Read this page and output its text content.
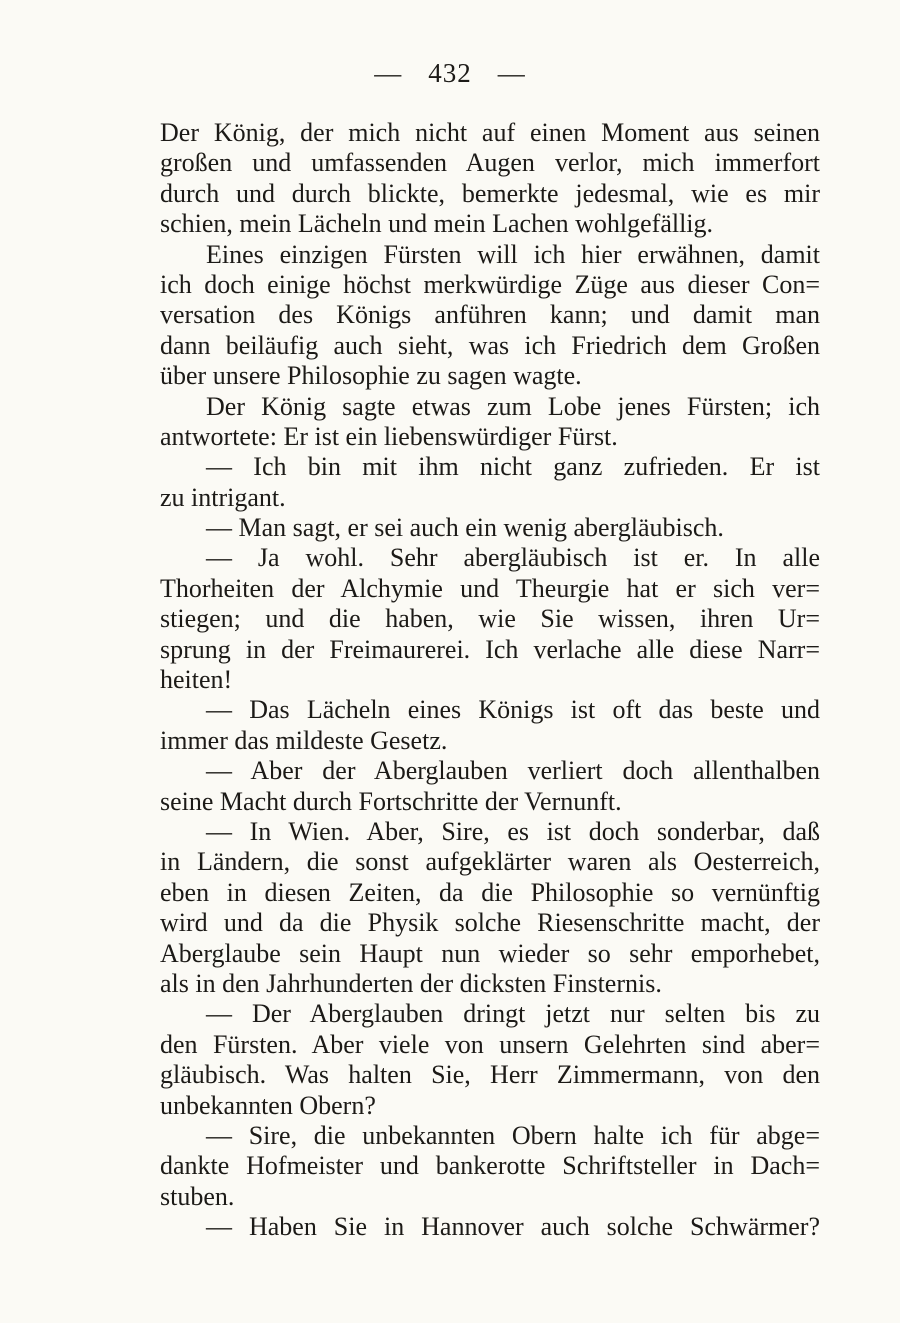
— 432 —
Der König, der mich nicht auf einen Moment aus seinen
großen und umfassenden Augen verlor, mich immerfort
durch und durch blickte, bemerkte jedesmal, wie es mir
schien, mein Lächeln und mein Lachen wohlgefällig.
Eines einzigen Fürsten will ich hier erwähnen, damit
ich doch einige höchst merkwürdige Züge aus dieser Con=
versation des Königs anführen kann; und damit man
dann beiläufig auch sieht, was ich Friedrich dem Großen
über unsere Philosophie zu sagen wagte.
Der König sagte etwas zum Lobe jenes Fürsten; ich
antwortete: Er ist ein liebenswürdiger Fürst.
— Ich bin mit ihm nicht ganz zufrieden. Er ist
zu intrigant.
— Man sagt, er sei auch ein wenig abergläubisch.
— Ja wohl. Sehr abergläubisch ist er. In alle
Thorheiten der Alchymie und Theurgie hat er sich ver=
stiegen; und die haben, wie Sie wissen, ihren Ur=
sprung in der Freimaurerei. Ich verlache alle diese Narr=
heiten!
— Das Lächeln eines Königs ist oft das beste und
immer das mildeste Gesetz.
— Aber der Aberglauben verliert doch allenthalben
seine Macht durch Fortschritte der Vernunft.
— In Wien. Aber, Sire, es ist doch sonderbar, daß
in Ländern, die sonst aufgeklärter waren als Oesterreich,
eben in diesen Zeiten, da die Philosophie so vernünftig
wird und da die Physik solche Riesenschritte macht, der
Aberglaube sein Haupt nun wieder so sehr emporhebet,
als in den Jahrhunderten der dicksten Finsternis.
— Der Aberglauben dringt jetzt nur selten bis zu
den Fürsten. Aber viele von unsern Gelehrten sind aber=
gläubisch. Was halten Sie, Herr Zimmermann, von den
unbekannten Obern?
— Sire, die unbekannten Obern halte ich für abge=
dankte Hofmeister und bankerotte Schriftsteller in Dach=
stuben.
— Haben Sie in Hannover auch solche Schwärmer?
